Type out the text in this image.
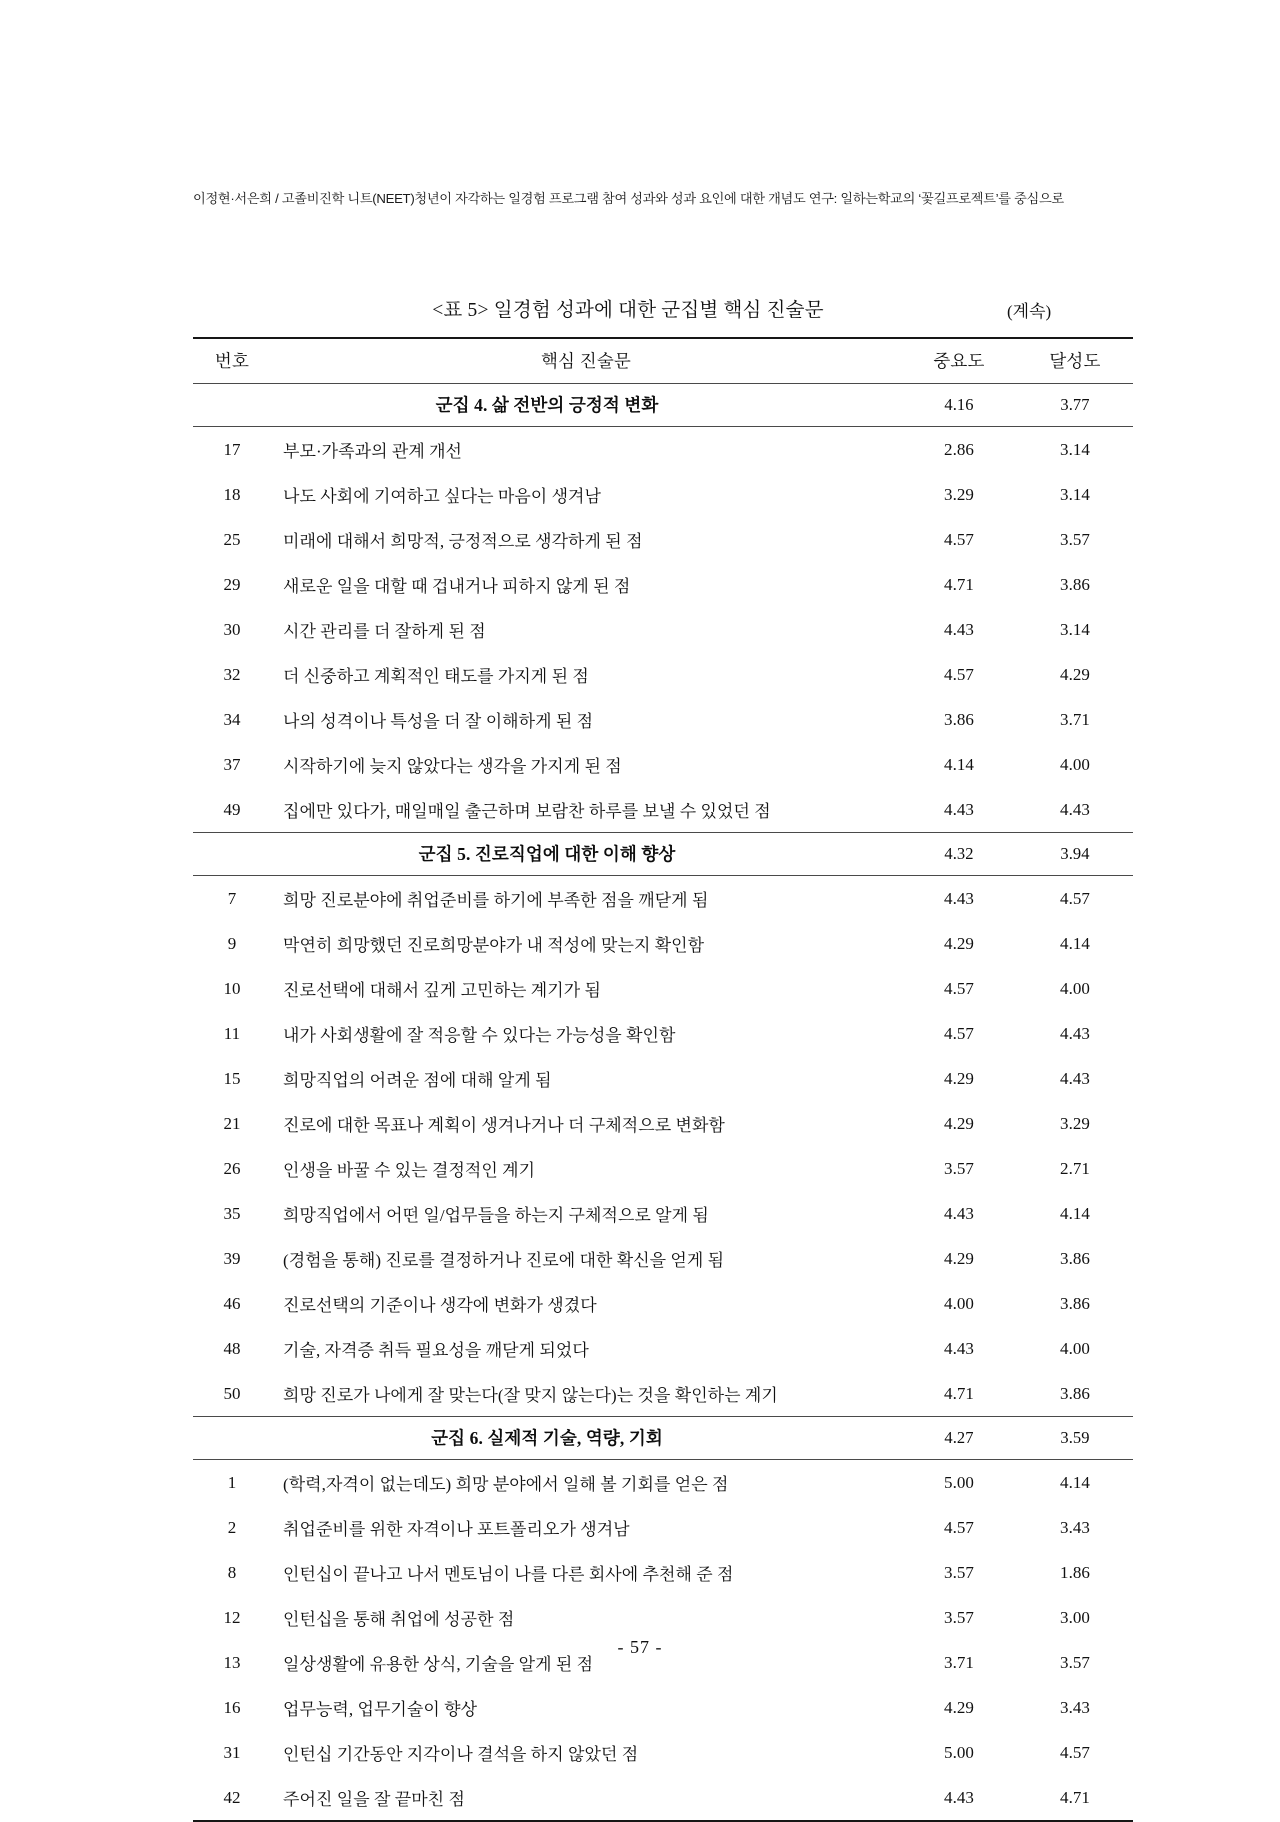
이정현·서은희 / 고졸비진학 니트(NEET)청년이 자각하는 일경험 프로그램 참여 성과와 성과 요인에 대한 개념도 연구: 일하는학교의 ‘꽃길프로젝트’를 중심으로
<표 5> 일경험 성과에 대한 군집별 핵심 진술문	(계속)
번호	핵심 진술문	중요도	달성도
군집 4. 삶 전반의 긍정적 변화		4.16	3.77
17	부모·가족과의 관계 개선	2.86	3.14
18	나도 사회에 기여하고 싶다는 마음이 생겨남	3.29	3.14
25	미래에 대해서 희망적, 긍정적으로 생각하게 된 점	4.57	3.57
29	새로운 일을 대할 때 겁내거나 피하지 않게 된 점	4.71	3.86
30	시간 관리를 더 잘하게 된 점	4.43	3.14
32	더 신중하고 계획적인 태도를 가지게 된 점	4.57	4.29
34	나의 성격이나 특성을 더 잘 이해하게 된 점	3.86	3.71
37	시작하기에 늦지 않았다는 생각을 가지게 된 점	4.14	4.00
49	집에만 있다가, 매일매일 출근하며 보람찬 하루를 보낼 수 있었던 점	4.43	4.43
군집 5. 진로직업에 대한 이해 향상		4.32	3.94
7	희망 진로분야에 취업준비를 하기에 부족한 점을 깨닫게 됨	4.43	4.57
9	막연히 희망했던 진로희망분야가 내 적성에 맞는지 확인함	4.29	4.14
10	진로선택에 대해서 깊게 고민하는 계기가 됨	4.57	4.00
11	내가 사회생활에 잘 적응할 수 있다는 가능성을 확인함	4.57	4.43
15	희망직업의 어려운 점에 대해 알게 됨	4.29	4.43
21	진로에 대한 목표나 계획이 생겨나거나 더 구체적으로 변화함	4.29	3.29
26	인생을 바꿀 수 있는 결정적인 계기	3.57	2.71
35	희망직업에서 어떤 일/업무들을 하는지 구체적으로 알게 됨	4.43	4.14
39	(경험을 통해) 진로를 결정하거나 진로에 대한 확신을 얻게 됨	4.29	3.86
46	진로선택의 기준이나 생각에 변화가 생겼다	4.00	3.86
48	기술, 자격증 취득 필요성을 깨닫게 되었다	4.43	4.00
50	희망 진로가 나에게 잘 맞는다(잘 맞지 않는다)는 것을 확인하는 계기	4.71	3.86
군집 6. 실제적 기술, 역량, 기회		4.27	3.59
1	(학력,자격이 없는데도) 희망 분야에서 일해 볼 기회를 얻은 점	5.00	4.14
2	취업준비를 위한 자격이나 포트폴리오가 생겨남	4.57	3.43
8	인턴십이 끝나고 나서 멘토님이 나를 다른 회사에 추천해 준 점	3.57	1.86
12	인턴십을 통해 취업에 성공한 점	3.57	3.00
13	일상생활에 유용한 상식, 기술을 알게 된 점	3.71	3.57
16	업무능력, 업무기술이 향상	4.29	3.43
31	인턴십 기간동안 지각이나 결석을 하지 않았던 점	5.00	4.57
42	주어진 일을 잘 끝마친 점	4.43	4.71
- 57 -
